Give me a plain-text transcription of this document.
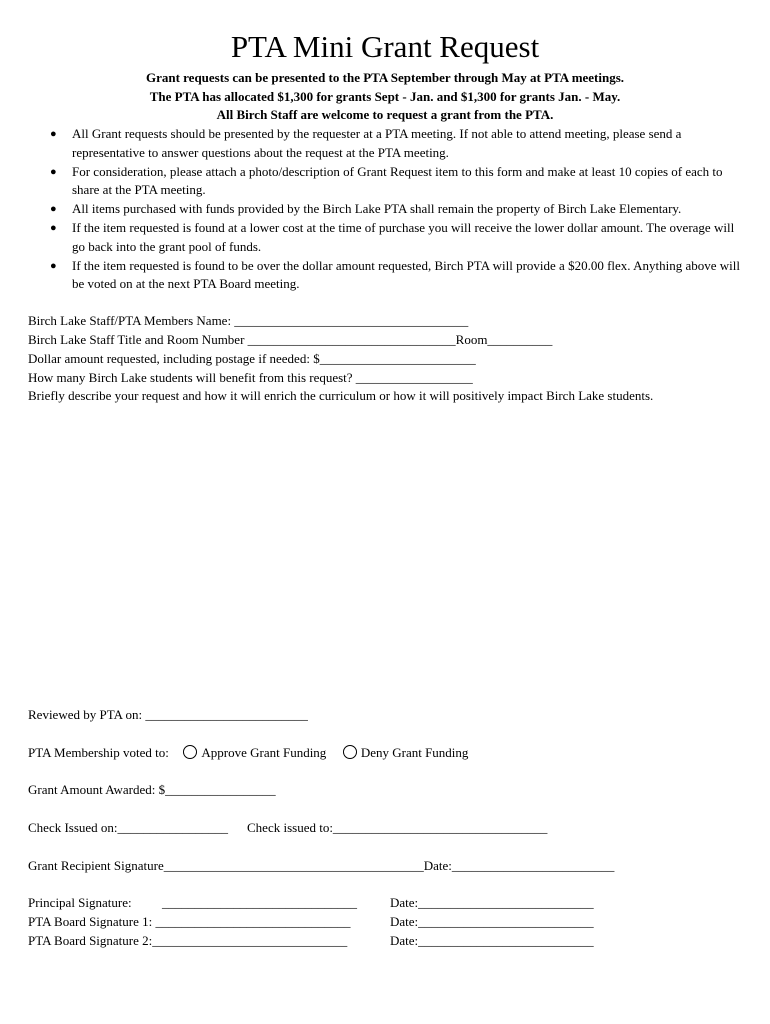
PTA Mini Grant Request
Grant requests can be presented to the PTA September through May at PTA meetings.
The PTA has allocated $1,300 for grants Sept - Jan. and $1,300 for grants Jan. - May.
All Birch Staff are welcome to request a grant from the PTA.
● All Grant requests should be presented by the requester at a PTA meeting. If not able to attend meeting, please send a representative to answer questions about the request at the PTA meeting.
● For consideration, please attach a photo/description of Grant Request item to this form and make at least 10 copies of each to share at the PTA meeting.
● All items purchased with funds provided by the Birch Lake PTA shall remain the property of Birch Lake Elementary.
● If the item requested is found at a lower cost at the time of purchase you will receive the lower dollar amount. The overage will go back into the grant pool of funds.
● If the item requested is found to be over the dollar amount requested, Birch PTA will provide a $20.00 flex. Anything above will be voted on at the next PTA Board meeting.
Birch Lake Staff/PTA Members Name: ____________________________________
Birch Lake Staff Title and Room Number ________________________________Room__________
Dollar amount requested, including postage if needed: $________________________
How many Birch Lake students will benefit from this request? __________________
Briefly describe your request and how it will enrich the curriculum or how it will positively impact Birch Lake students.
Reviewed by PTA on: _________________________
PTA Membership voted to:	Approve Grant Funding	Deny Grant Funding
Grant Amount Awarded: $_________________
Check Issued on:_________________ Check issued to:_________________________________
Grant Recipient Signature________________________________________Date:_________________________
Principal Signature: ______________________________
PTA Board Signature 1: ______________________________
PTA Board Signature 2:______________________________
Date:___________________________
Date:___________________________
Date:___________________________
